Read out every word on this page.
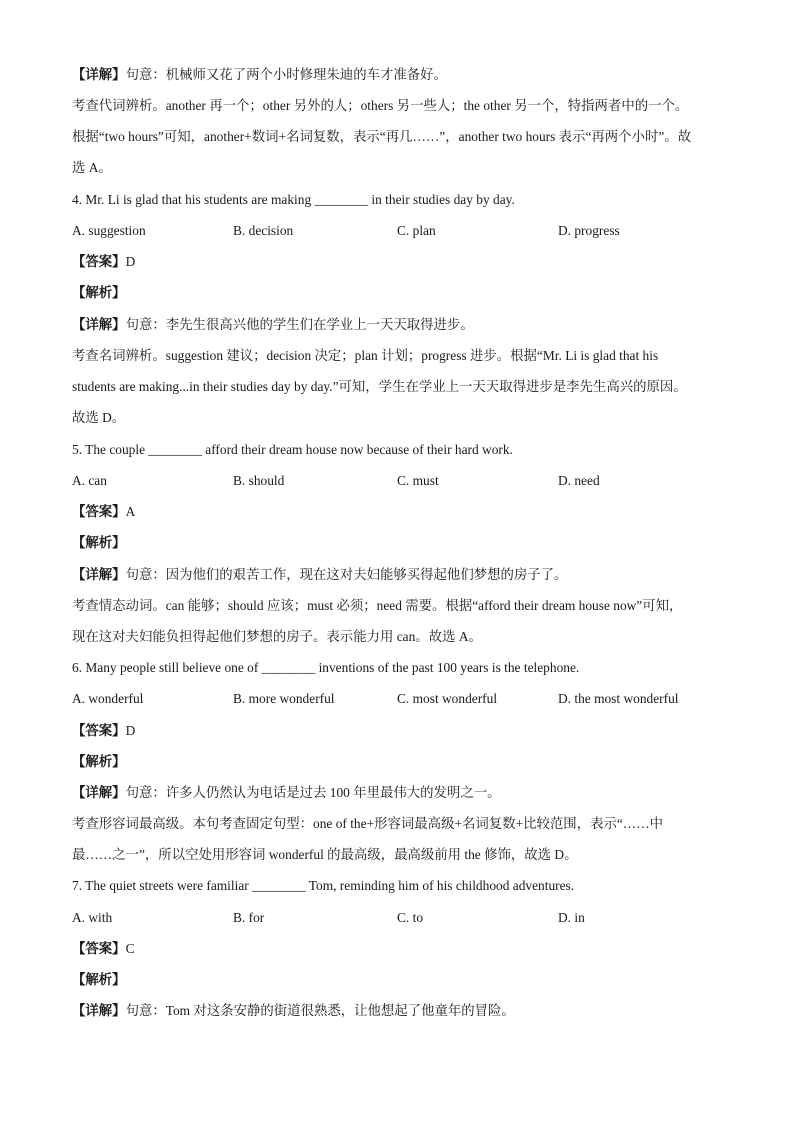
【详解】句意：机械师又花了两个小时修理朱迪的车才准备好。
考查代词辨析。another 再一个；other 另外的人；others 另一些人；the other 另一个，特指两者中的一个。
根据“two hours”可知，another+数词+名词复数，表示“再几……”，another two hours 表示“再两个小时”。故
选 A。
4. Mr. Li is glad that his students are making ________ in their studies day by day.
A. suggestion	B. decision	C. plan	D. progress
【答案】D
【解析】
【详解】句意：李先生很高兴他的学生们在学业上一天天取得进步。
考查名词辨析。suggestion 建议；decision 决定；plan 计划；progress 进步。根据“Mr. Li is glad that his
students are making...in their studies day by day.”可知，学生在学业上一天天取得进步是李先生高兴的原因。
故选 D。
5. The couple ________ afford their dream house now because of their hard work.
A. can	B. should	C. must	D. need
【答案】A
【解析】
【详解】句意：因为他们的艰苦工作，现在这对夫妇能够买得起他们梦想的房子了。
考查情态动词。can 能够；should 应该；must 必须；need 需要。根据“afford their dream house now”可知，
现在这对夫妇能负担得起他们梦想的房子。表示能力用 can。故选 A。
6. Many people still believe one of ________ inventions of the past 100 years is the telephone.
A. wonderful	B. more wonderful	C. most wonderful	D. the most wonderful
【答案】D
【解析】
【详解】句意：许多人仍然认为电话是过去 100 年里最伟大的发明之一。
考查形容词最高级。本句考查固定句型：one of the+形容词最高级+名词复数+比较范围，表示“……中
最……之一”，所以空处用形容词 wonderful 的最高级，最高级前用 the 修饰，故选 D。
7. The quiet streets were familiar ________ Tom, reminding him of his childhood adventures.
A. with	B. for	C. to	D. in
【答案】C
【解析】
【详解】句意：Tom 对这条安静的街道很熟悉，让他想起了他童年的冒险。
